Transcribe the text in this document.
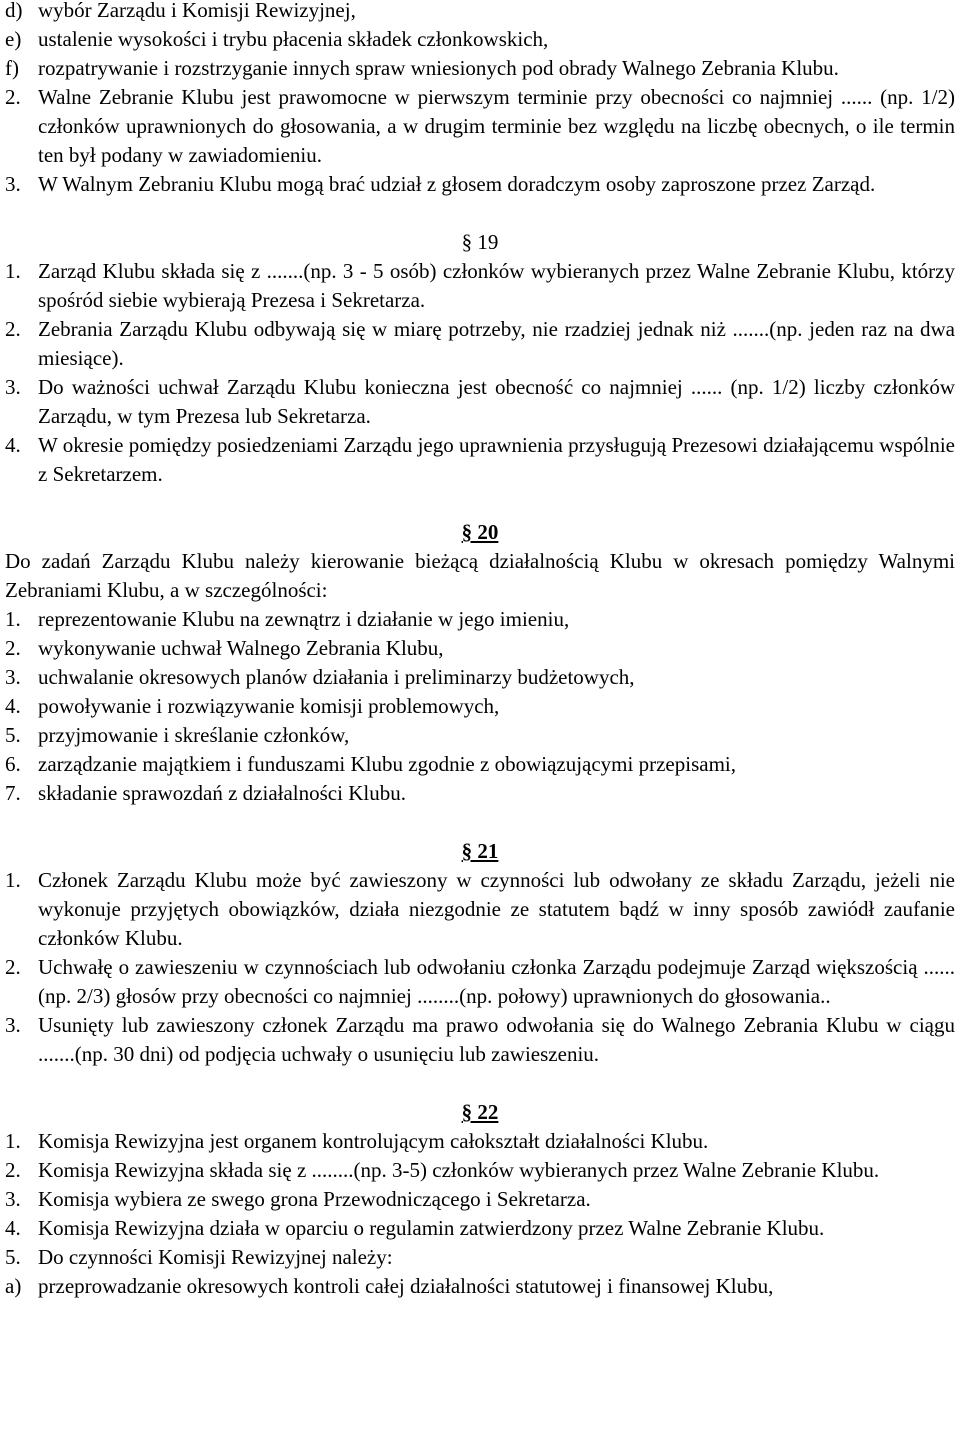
d) wybór Zarządu i Komisji Rewizyjnej,
e) ustalenie wysokości i trybu płacenia składek członkowskich,
f) rozpatrywanie i rozstrzyganie innych spraw wniesionych pod obrady Walnego Zebrania Klubu.
2. Walne Zebranie Klubu jest prawomocne w pierwszym terminie przy obecności co najmniej ...... (np. 1/2) członków uprawnionych do głosowania, a w drugim terminie bez względu na liczbę obecnych, o ile termin ten był podany w zawiadomieniu.
3. W Walnym Zebraniu Klubu mogą brać udział z głosem doradczym osoby zaproszone przez Zarząd.
§ 19
1. Zarząd Klubu składa się z .......(np. 3 - 5 osób) członków wybieranych przez Walne Zebranie Klubu, którzy spośród siebie wybierają Prezesa i Sekretarza.
2. Zebrania Zarządu Klubu odbywają się w miarę potrzeby, nie rzadziej jednak niż .......(np. jeden raz na dwa miesiące).
3. Do ważności uchwał Zarządu Klubu konieczna jest obecność co najmniej ...... (np. 1/2) liczby członków Zarządu, w tym Prezesa lub Sekretarza.
4. W okresie pomiędzy posiedzeniami Zarządu jego uprawnienia przysługują Prezesowi działającemu wspólnie z Sekretarzem.
§ 20
Do zadań Zarządu Klubu należy kierowanie bieżącą działalnością Klubu w okresach pomiędzy Walnymi Zebraniami Klubu, a w szczególności:
1. reprezentowanie Klubu na zewnątrz i działanie w jego imieniu,
2. wykonywanie uchwał Walnego Zebrania Klubu,
3. uchwalanie okresowych planów działania i preliminarzy budżetowych,
4. powoływanie i rozwiązywanie komisji problemowych,
5. przyjmowanie i skreślanie członków,
6. zarządzanie majątkiem i funduszami Klubu zgodnie z obowiązującymi przepisami,
7. składanie sprawozdań z działalności Klubu.
§ 21
1. Członek Zarządu Klubu może być zawieszony w czynności lub odwołany ze składu Zarządu, jeżeli nie wykonuje przyjętych obowiązków, działa niezgodnie ze statutem bądź w inny sposób zawiódł zaufanie członków Klubu.
2. Uchwałę o zawieszeniu w czynnościach lub odwołaniu członka Zarządu podejmuje Zarząd większością ...... (np. 2/3) głosów przy obecności co najmniej ........(np. połowy) uprawnionych do głosowania..
3. Usunięty lub zawieszony członek Zarządu ma prawo odwołania się do Walnego Zebrania Klubu w ciągu .......(np. 30 dni) od podjęcia uchwały o usunięciu lub zawieszeniu.
§ 22
1. Komisja Rewizyjna jest organem kontrolującym całokształt działalności Klubu.
2. Komisja Rewizyjna składa się z ........(np. 3-5) członków wybieranych przez Walne Zebranie Klubu.
3. Komisja wybiera ze swego grona Przewodniczącego i Sekretarza.
4. Komisja Rewizyjna działa w oparciu o regulamin zatwierdzony przez Walne Zebranie Klubu.
5. Do czynności Komisji Rewizyjnej należy:
a) przeprowadzanie okresowych kontroli całej działalności statutowej i finansowej Klubu,
